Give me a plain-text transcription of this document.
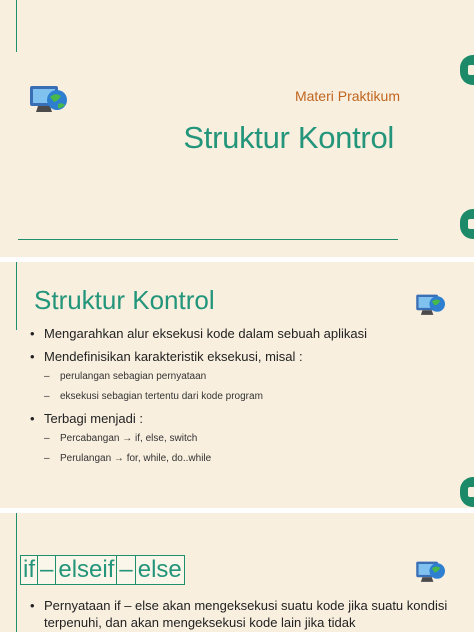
Materi Praktikum
Struktur Kontrol
Struktur Kontrol
• Mengarahkan alur eksekusi kode dalam sebuah aplikasi
• Mendefinisikan karakteristik eksekusi, misal :
– perulangan sebagian pernyataan
– eksekusi sebagian tertentu dari kode program
• Terbagi menjadi :
– Percabangan → if, else, switch
– Perulangan → for, while, do..while
if – elseif – else
• Pernyataan if – else akan mengeksekusi suatu kode jika suatu kondisi terpenuhi, dan akan mengeksekusi kode lain jika tidak
